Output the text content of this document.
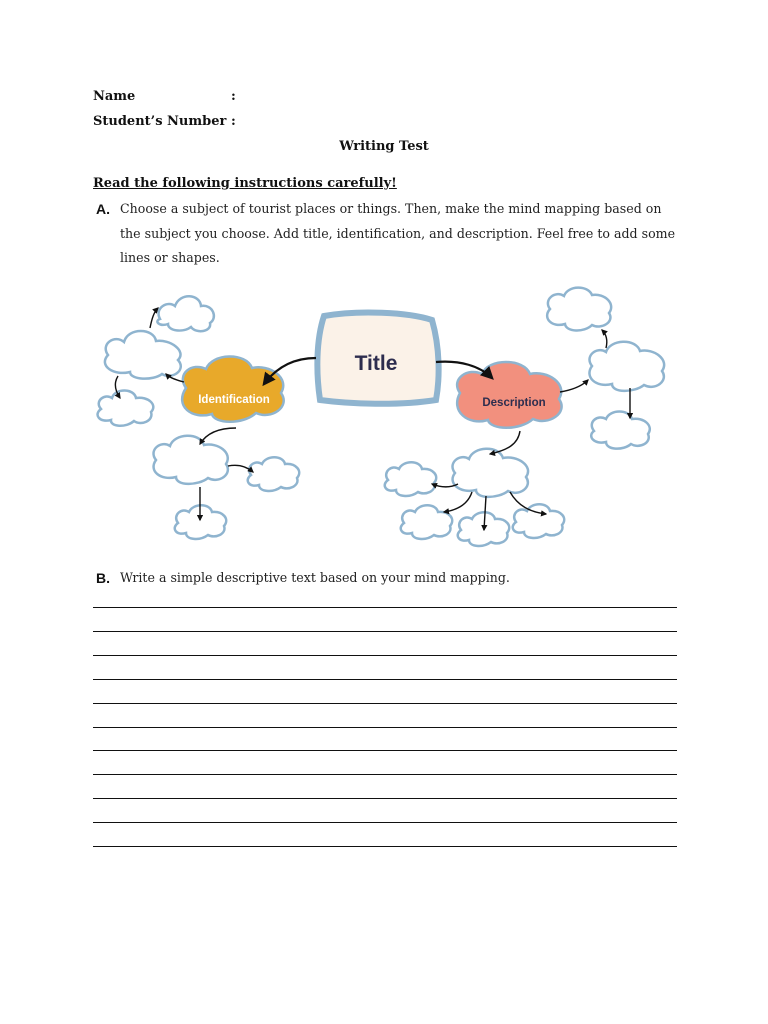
Name	:
Student’s Number :
Writing Test
Read the following instructions carefully!
A. Choose a subject of tourist places or things. Then, make the mind mapping based on the subject you choose. Add title, identification, and description. Feel free to add some lines or shapes.
Identification	Description
Title
B. Write a simple descriptive text based on your mind mapping.
